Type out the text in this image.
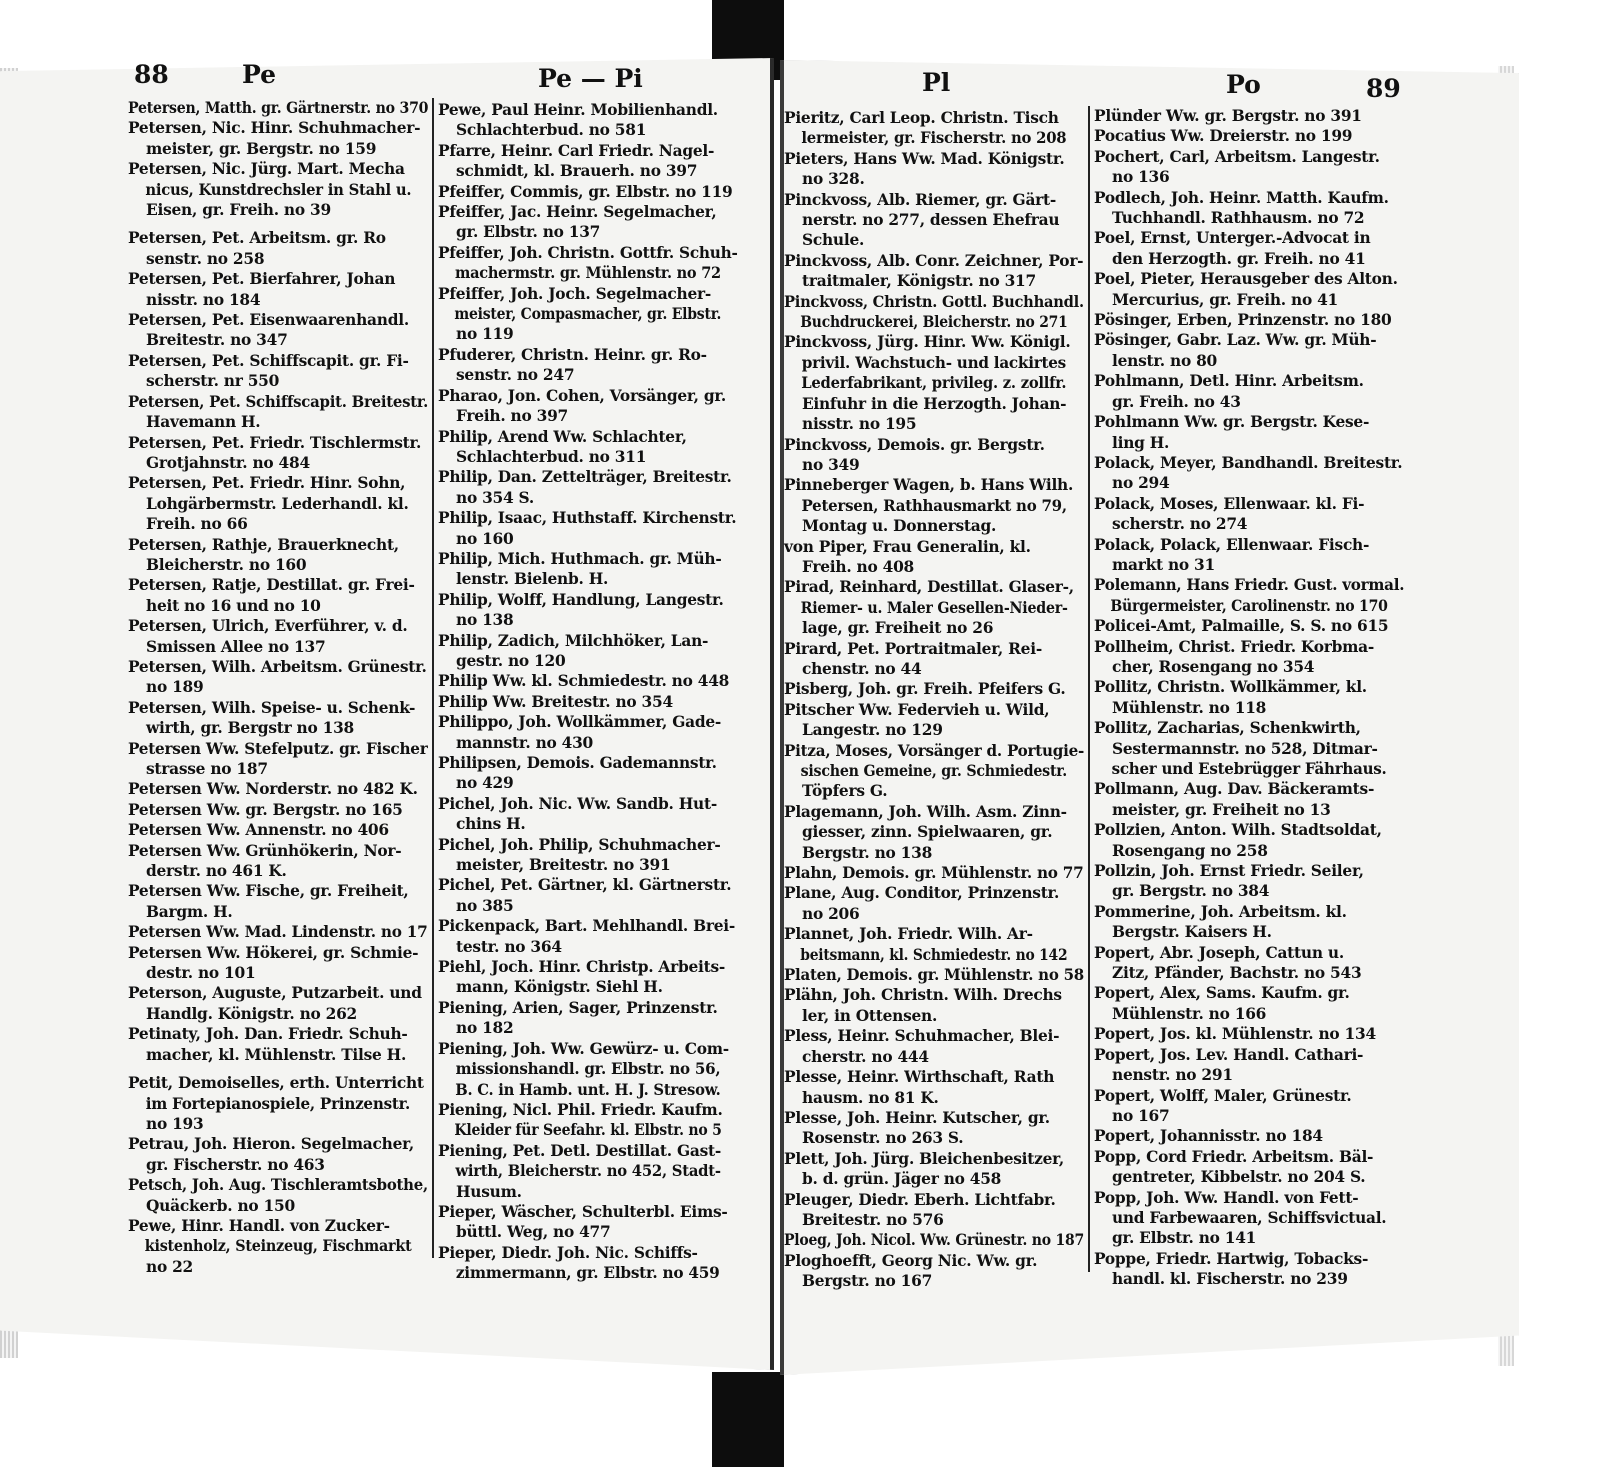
88	Pe	Pe — Pi	Pl	Po	89
Petersen, Matth. gr. Gärtnerstr. no 370
Petersen, Nic. Hinr. Schuhmacher-
meister, gr. Bergstr. no 159
Petersen, Nic. Jürg. Mart. Mecha
nicus, Kunstdrechsler in Stahl u.
Eisen, gr. Freih. no 39
Petersen, Pet. Arbeitsm. gr. Ro
senstr. no 258
Petersen, Pet. Bierfahrer, Johan
nisstr. no 184
Petersen, Pet. Eisenwaarenhandl.
Breitestr. no 347
Petersen, Pet. Schiffscapit. gr. Fi-
scherstr. nr 550
Petersen, Pet. Schiffscapit. Breitestr.
Havemann H.
Petersen, Pet. Friedr. Tischlermstr.
Grotjahnstr. no 484
Petersen, Pet. Friedr. Hinr. Sohn,
Lohgärbermstr. Lederhandl. kl.
Freih. no 66
Petersen, Rathje, Brauerknecht,
Bleicherstr. no 160
Petersen, Ratje, Destillat. gr. Frei-
heit no 16 und no 10
Petersen, Ulrich, Everführer, v. d.
Smissen Allee no 137
Petersen, Wilh. Arbeitsm. Grünestr.
no 189
Petersen, Wilh. Speise- u. Schenk-
wirth, gr. Bergstr no 138
Petersen Ww. Stefelputz. gr. Fischer
strasse no 187
Petersen Ww. Norderstr. no 482 K.
Petersen Ww. gr. Bergstr. no 165
Petersen Ww. Annenstr. no 406
Petersen Ww. Grünhökerin, Nor-
derstr. no 461 K.
Petersen Ww. Fische, gr. Freiheit,
Bargm. H.
Petersen Ww. Mad. Lindenstr. no 17
Petersen Ww. Hökerei, gr. Schmie-
destr. no 101
Peterson, Auguste, Putzarbeit. und
Handlg. Königstr. no 262
Petinaty, Joh. Dan. Friedr. Schuh-
macher, kl. Mühlenstr. Tilse H.
Petit, Demoiselles, erth. Unterricht
im Fortepianospiele, Prinzenstr.
no 193
Petrau, Joh. Hieron. Segelmacher,
gr. Fischerstr. no 463
Petsch, Joh. Aug. Tischleramtsbothe,
Quäckerb. no 150
Pewe, Hinr. Handl. von Zucker-
kistenholz, Steinzeug, Fischmarkt
no 22
Pewe, Paul Heinr. Mobilienhandl.
Schlachterbud. no 581
Pfarre, Heinr. Carl Friedr. Nagel-
schmidt, kl. Brauerh. no 397
Pfeiffer, Commis, gr. Elbstr. no 119
Pfeiffer, Jac. Heinr. Segelmacher,
gr. Elbstr. no 137
Pfeiffer, Joh. Christn. Gottfr. Schuh-
machermstr. gr. Mühlenstr. no 72
Pfeiffer, Joh. Joch. Segelmacher-
meister, Compasmacher, gr. Elbstr.
no 119
Pfuderer, Christn. Heinr. gr. Ro-
senstr. no 247
Pharao, Jon. Cohen, Vorsänger, gr.
Freih. no 397
Philip, Arend Ww. Schlachter,
Schlachterbud. no 311
Philip, Dan. Zettelträger, Breitestr.
no 354 S.
Philip, Isaac, Huthstaff. Kirchenstr.
no 160
Philip, Mich. Huthmach. gr. Müh-
lenstr. Bielenb. H.
Philip, Wolff, Handlung, Langestr.
no 138
Philip, Zadich, Milchhöker, Lan-
gestr. no 120
Philip Ww. kl. Schmiedestr. no 448
Philip Ww. Breitestr. no 354
Philippo, Joh. Wollkämmer, Gade-
mannstr. no 430
Philipsen, Demois. Gademannstr.
no 429
Pichel, Joh. Nic. Ww. Sandb. Hut-
chins H.
Pichel, Joh. Philip, Schuhmacher-
meister, Breitestr. no 391
Pichel, Pet. Gärtner, kl. Gärtnerstr.
no 385
Pickenpack, Bart. Mehlhandl. Brei-
testr. no 364
Piehl, Joch. Hinr. Christp. Arbeits-
mann, Königstr. Siehl H.
Piening, Arien, Sager, Prinzenstr.
no 182
Piening, Joh. Ww. Gewürz- u. Com-
missionshandl. gr. Elbstr. no 56,
B. C. in Hamb. unt. H. J. Stresow.
Piening, Nicl. Phil. Friedr. Kaufm.
Kleider für Seefahr. kl. Elbstr. no 5
Piening, Pet. Detl. Destillat. Gast-
wirth, Bleicherstr. no 452, Stadt-
Husum.
Pieper, Wäscher, Schulterbl. Eims-
büttl. Weg, no 477
Pieper, Diedr. Joh. Nic. Schiffs-
zimmermann, gr. Elbstr. no 459
Pieritz, Carl Leop. Christn. Tisch
lermeister, gr. Fischerstr. no 208
Pieters, Hans Ww. Mad. Königstr.
no 328.
Pinckvoss, Alb. Riemer, gr. Gärt-
nerstr. no 277, dessen Ehefrau
Schule.
Pinckvoss, Alb. Conr. Zeichner, Por-
traitmaler, Königstr. no 317
Pinckvoss, Christn. Gottl. Buchhandl.
Buchdruckerei, Bleicherstr. no 271
Pinckvoss, Jürg. Hinr. Ww. Königl.
privil. Wachstuch- und lackirtes
Lederfabrikant, privileg. z. zollfr.
Einfuhr in die Herzogth. Johan-
nisstr. no 195
Pinckvoss, Demois. gr. Bergstr.
no 349
Pinneberger Wagen, b. Hans Wilh.
Petersen, Rathhausmarkt no 79,
Montag u. Donnerstag.
von Piper, Frau Generalin, kl.
Freih. no 408
Pirad, Reinhard, Destillat. Glaser-,
Riemer- u. Maler Gesellen-Nieder-
lage, gr. Freiheit no 26
Pirard, Pet. Portraitmaler, Rei-
chenstr. no 44
Pisberg, Joh. gr. Freih. Pfeifers G.
Pitscher Ww. Federvieh u. Wild,
Langestr. no 129
Pitza, Moses, Vorsänger d. Portugie-
sischen Gemeine, gr. Schmiedestr.
Töpfers G.
Plagemann, Joh. Wilh. Asm. Zinn-
giesser, zinn. Spielwaaren, gr.
Bergstr. no 138
Plahn, Demois. gr. Mühlenstr. no 77
Plane, Aug. Conditor, Prinzenstr.
no 206
Plannet, Joh. Friedr. Wilh. Ar-
beitsmann, kl. Schmiedestr. no 142
Platen, Demois. gr. Mühlenstr. no 58
Plähn, Joh. Christn. Wilh. Drechs
ler, in Ottensen.
Pless, Heinr. Schuhmacher, Blei-
cherstr. no 444
Plesse, Heinr. Wirthschaft, Rath
hausm. no 81 K.
Plesse, Joh. Heinr. Kutscher, gr.
Rosenstr. no 263 S.
Plett, Joh. Jürg. Bleichenbesitzer,
b. d. grün. Jäger no 458
Pleuger, Diedr. Eberh. Lichtfabr.
Breitestr. no 576
Ploeg, Joh. Nicol. Ww. Grünestr. no 187
Ploghoefft, Georg Nic. Ww. gr.
Bergstr. no 167
Plünder Ww. gr. Bergstr. no 391
Pocatius Ww. Dreierstr. no 199
Pochert, Carl, Arbeitsm. Langestr.
no 136
Podlech, Joh. Heinr. Matth. Kaufm.
Tuchhandl. Rathhausm. no 72
Poel, Ernst, Unterger.-Advocat in
den Herzogth. gr. Freih. no 41
Poel, Pieter, Herausgeber des Alton.
Mercurius, gr. Freih. no 41
Pösinger, Erben, Prinzenstr. no 180
Pösinger, Gabr. Laz. Ww. gr. Müh-
lenstr. no 80
Pohlmann, Detl. Hinr. Arbeitsm.
gr. Freih. no 43
Pohlmann Ww. gr. Bergstr. Kese-
ling H.
Polack, Meyer, Bandhandl. Breitestr.
no 294
Polack, Moses, Ellenwaar. kl. Fi-
scherstr. no 274
Polack, Polack, Ellenwaar. Fisch-
markt no 31
Polemann, Hans Friedr. Gust. vormal.
Bürgermeister, Carolinenstr. no 170
Policei-Amt, Palmaille, S. S. no 615
Pollheim, Christ. Friedr. Korbma-
cher, Rosengang no 354
Pollitz, Christn. Wollkämmer, kl.
Mühlenstr. no 118
Pollitz, Zacharias, Schenkwirth,
Sestermannstr. no 528, Ditmar-
scher und Estebrügger Fährhaus.
Pollmann, Aug. Dav. Bäckeramts-
meister, gr. Freiheit no 13
Pollzien, Anton. Wilh. Stadtsoldat,
Rosengang no 258
Pollzin, Joh. Ernst Friedr. Seiler,
gr. Bergstr. no 384
Pommerine, Joh. Arbeitsm. kl.
Bergstr. Kaisers H.
Popert, Abr. Joseph, Cattun u.
Zitz, Pfänder, Bachstr. no 543
Popert, Alex, Sams. Kaufm. gr.
Mühlenstr. no 166
Popert, Jos. kl. Mühlenstr. no 134
Popert, Jos. Lev. Handl. Cathari-
nenstr. no 291
Popert, Wolff, Maler, Grünestr.
no 167
Popert, Johannisstr. no 184
Popp, Cord Friedr. Arbeitsm. Bäl-
gentreter, Kibbelstr. no 204 S.
Popp, Joh. Ww. Handl. von Fett-
und Farbewaaren, Schiffsvictual.
gr. Elbstr. no 141
Poppe, Friedr. Hartwig, Tobacks-
handl. kl. Fischerstr. no 239
